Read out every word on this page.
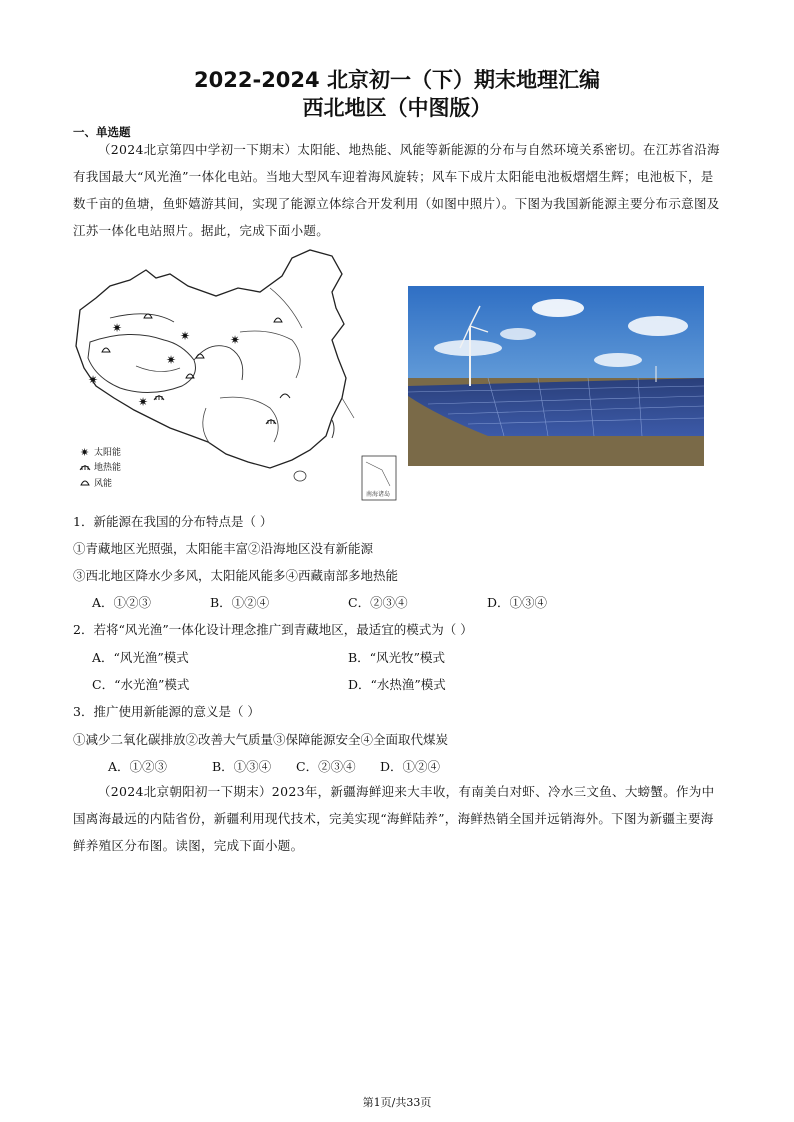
2022-2024 北京初一（下）期末地理汇编
西北地区（中图版）
一、单选题
（2024北京第四中学初一下期末）太阳能、地热能、风能等新能源的分布与自然环境关系密切。在江苏省沿海有我国最大“风光渔”一体化电站。当地大型风车迎着海风旋转；风车下成片太阳能电池板熠熠生辉；电池板下，是数千亩的鱼塘，鱼虾嬉游其间，实现了能源立体综合开发利用（如图中照片）。下图为我国新能源主要分布示意图及江苏一体化电站照片。据此，完成下面小题。
南海诸岛
✷
✷	✷
✷
✷
✷
✷ 太阳能
地热能
风能
1．新能源在我国的分布特点是（ ）
①青藏地区光照强，太阳能丰富②沿海地区没有新能源
③西北地区降水少多风，太阳能风能多④西藏南部多地热能
A．①②③	B．①②④	C．②③④	D．①③④
2．若将“风光渔”一体化设计理念推广到青藏地区，最适宜的模式为（ ）
A．“风光渔”模式	B．“风光牧”模式
C．“水光渔”模式	D．“水热渔”模式
3．推广使用新能源的意义是（ ）
①减少二氧化碳排放②改善大气质量③保障能源安全④全面取代煤炭
A．①②③	B．①③④ C．②③④ D．①②④
（2024北京朝阳初一下期末）2023年，新疆海鲜迎来大丰收，有南美白对虾、冷水三文鱼、大螃蟹。作为中国离海最远的内陆省份，新疆利用现代技术，完美实现“海鲜陆养”，海鲜热销全国并远销海外。下图为新疆主要海鲜养殖区分布图。读图，完成下面小题。
第1页/共33页
